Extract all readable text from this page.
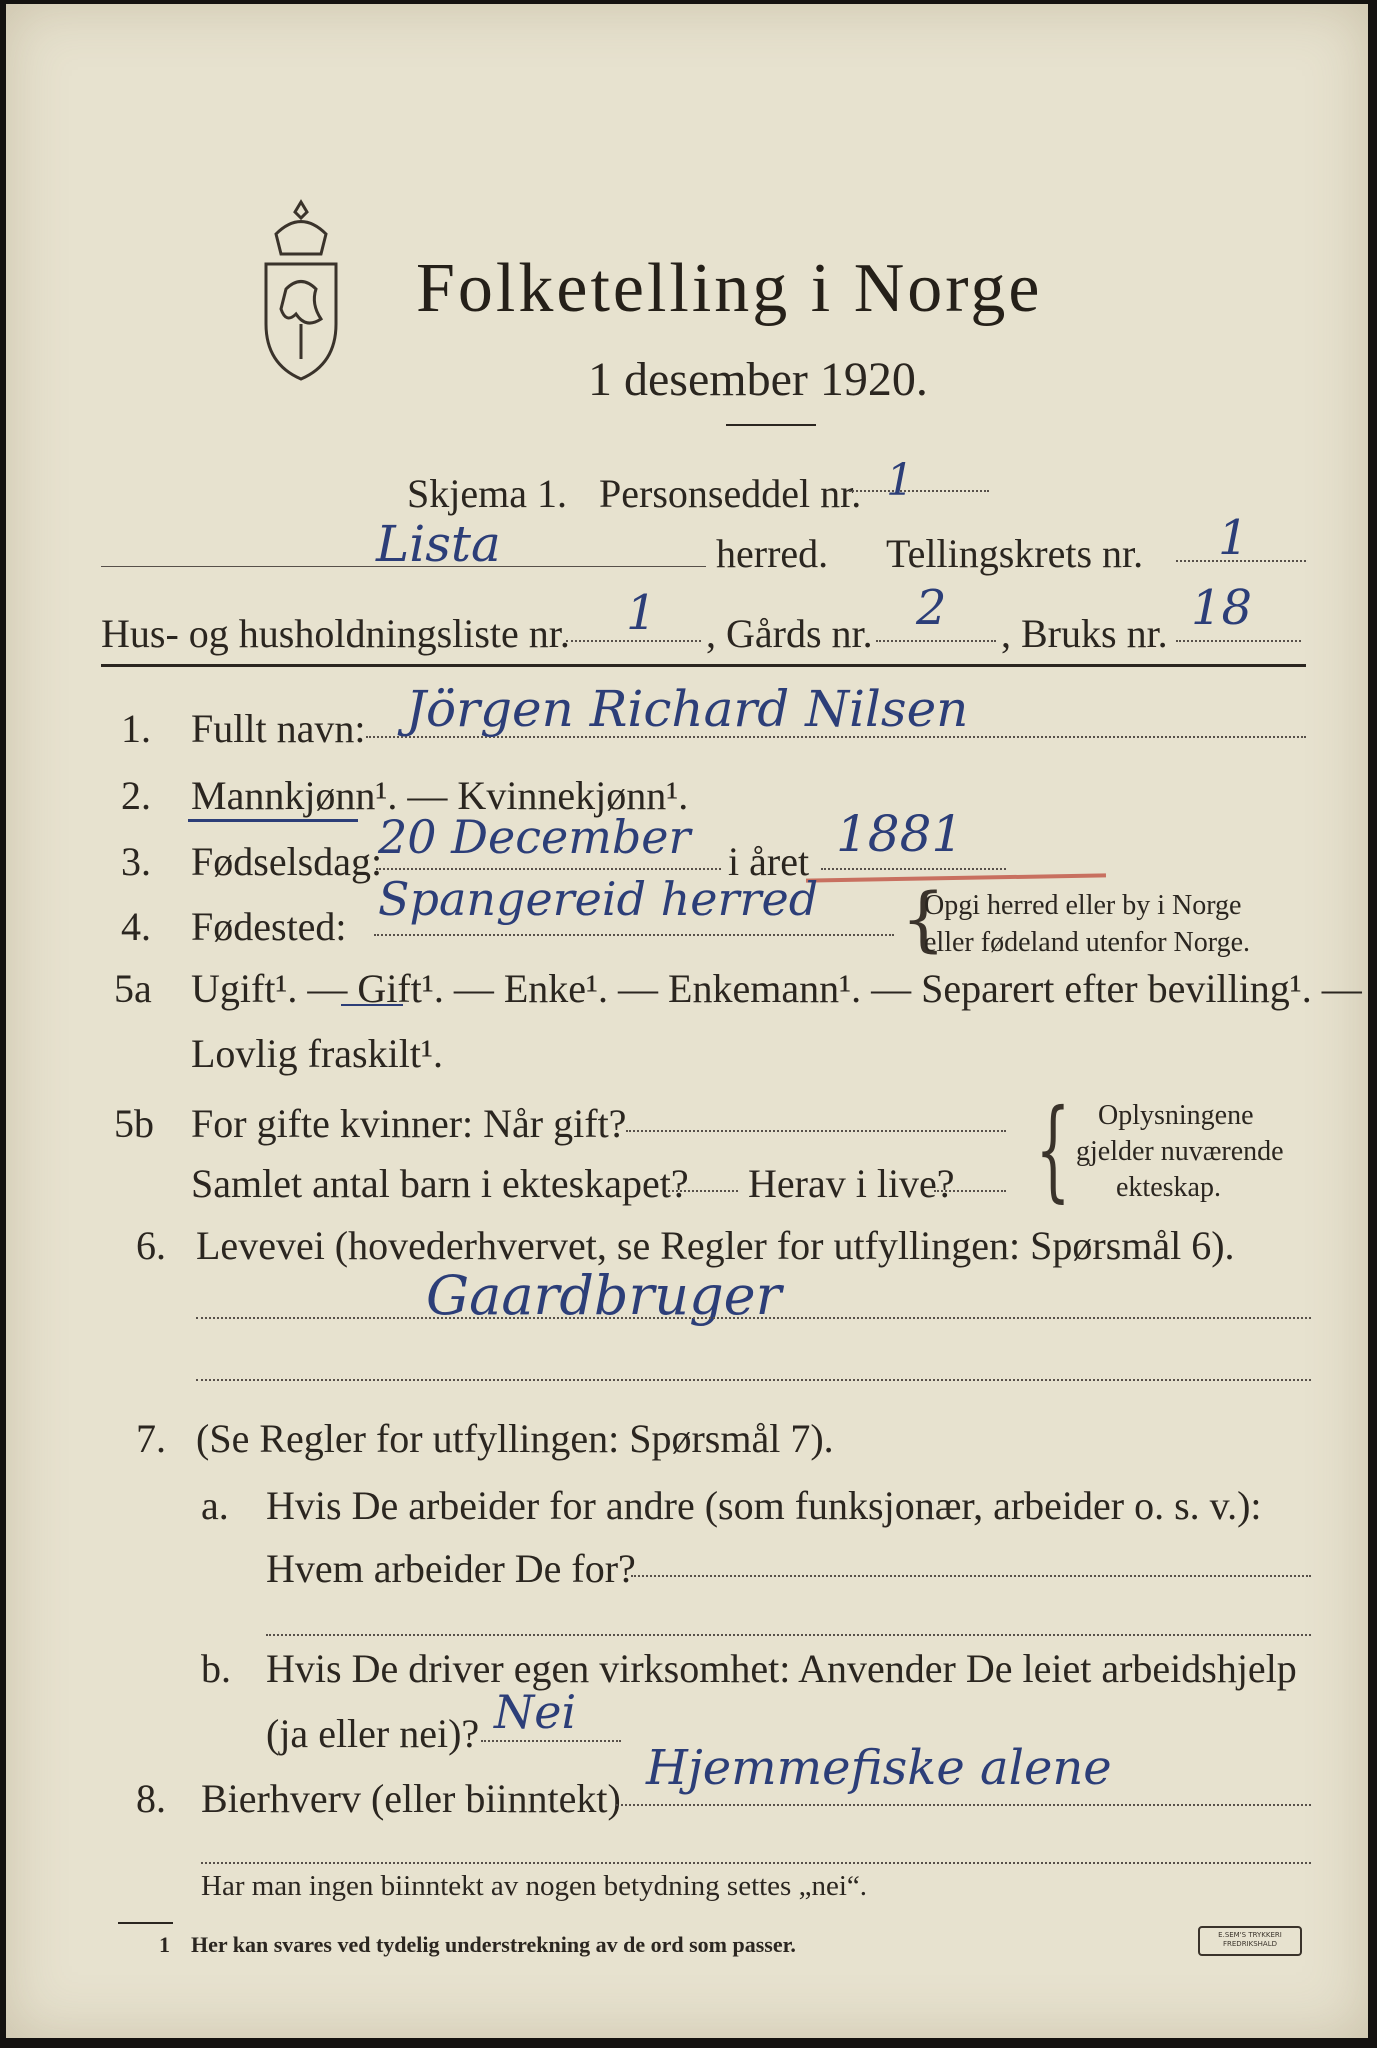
Folketelling i Norge
1 desember 1920.
Skjema 1. Personseddel nr. 1
Lista	herred. Tellingskrets nr. 1
Hus- og husholdningsliste nr. 1 , Gårds nr. 2 , Bruks nr. 18
1. Fullt navn: Jörgen Richard Nilsen
2. Mannkjønn¹. — Kvinnekjønn¹.
3. Fødselsdag:
20 December i året 1881
4. Fødested:
Spangereid herred {
Opgi herred eller by i Norge
eller fødeland utenfor Norge.
5a Ugift¹. — Gift¹. — Enke¹. — Enkemann¹. — Separert efter bevilling¹. —
Lovlig fraskilt¹.
5b For gifte kvinner: Når gift?
Samlet antal barn i ekteskapet? Herav i live? { Oplysningene
gjelder nuværende
ekteskap.
6. Levevei (hovederhvervet, se Regler for utfyllingen: Spørsmål 6).
Gaardbruger
7. (Se Regler for utfyllingen: Spørsmål 7).
a. Hvis De arbeider for andre (som funksjonær, arbeider o. s. v.):
Hvem arbeider De for?
b. Hvis De driver egen virksomhet: Anvender De leiet arbeidshjelp
(ja eller nei)? Nei
8. Bierhverv (eller biinntekt)
Hjemmefiske alene
Har man ingen biinntekt av nogen betydning settes „nei“.
1 Her kan svares ved tydelig understrekning av de ord som passer.	E.SEM'S TRYKKERI FREDRIKSHALD
